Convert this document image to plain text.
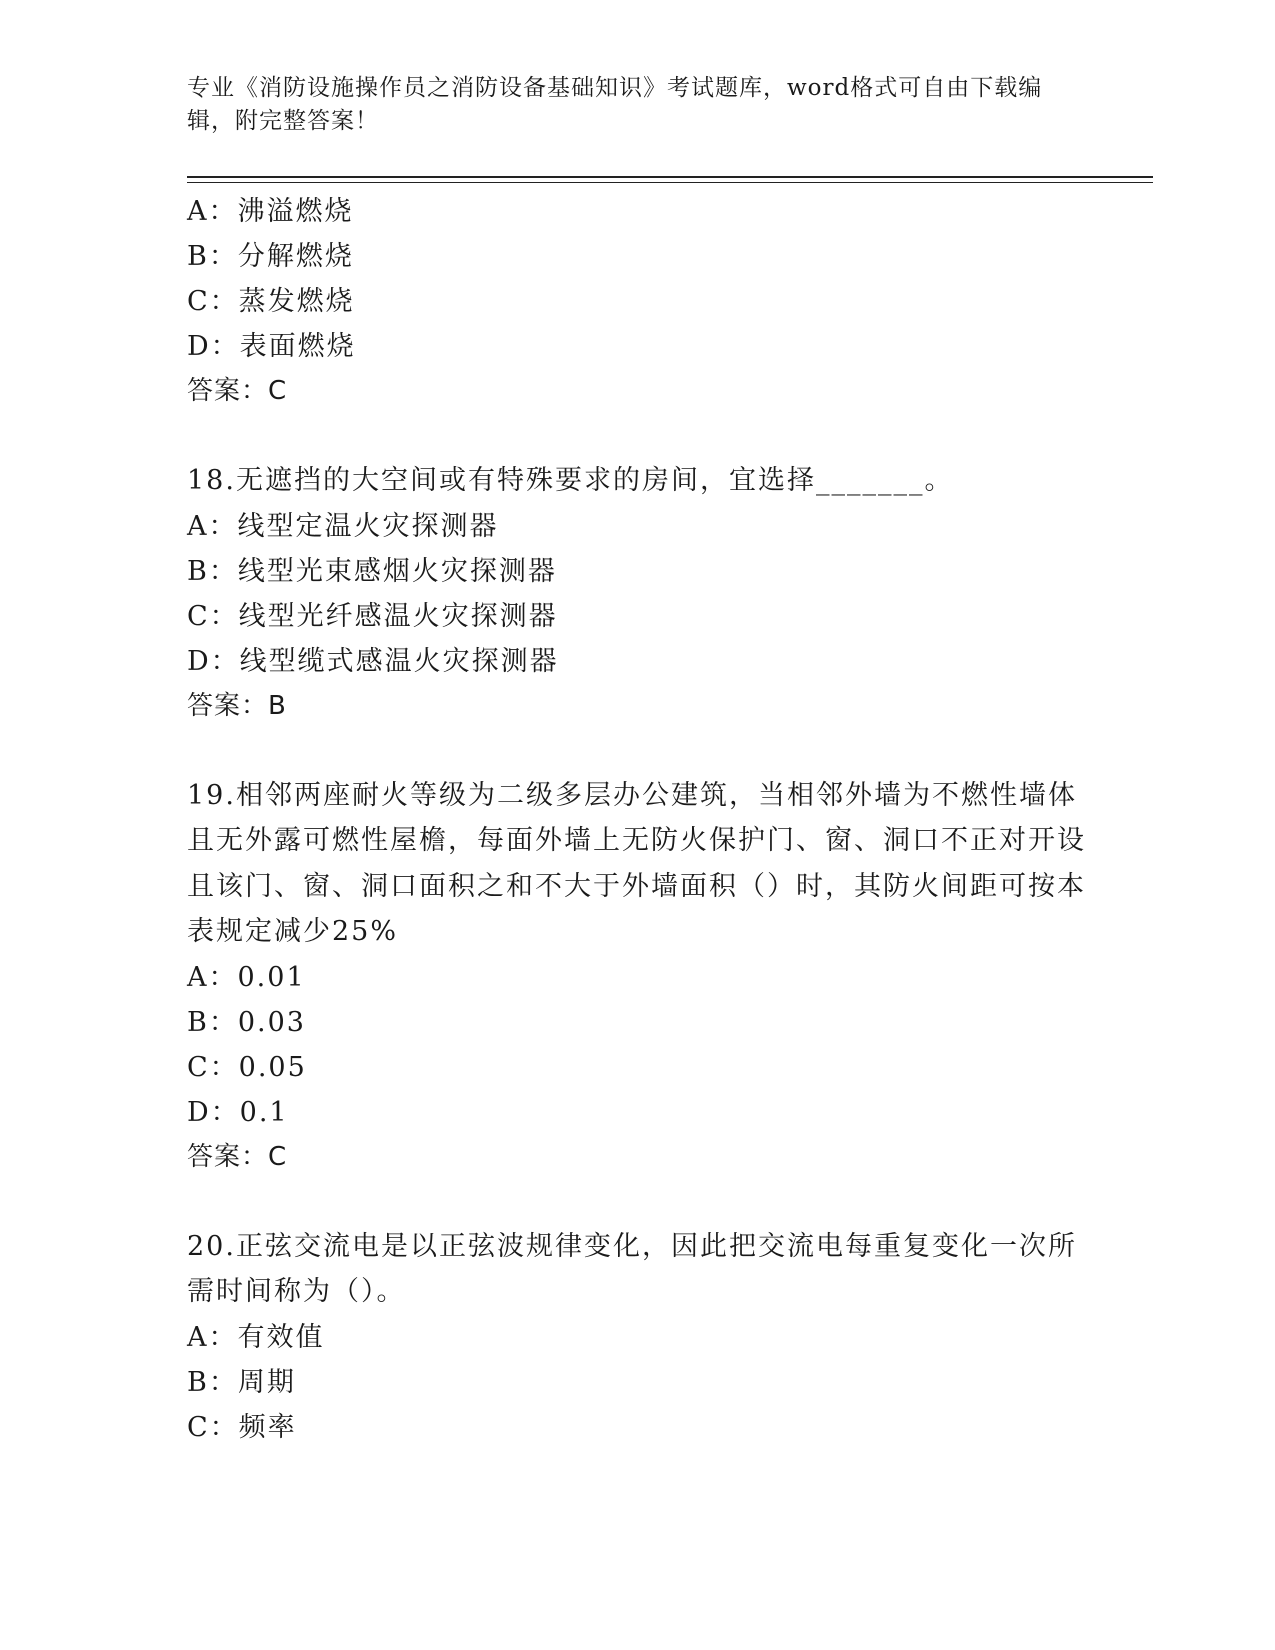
专业《消防设施操作员之消防设备基础知识》考试题库，word格式可自由下载编辑，附完整答案！
A：沸溢燃烧
B：分解燃烧
C：蒸发燃烧
D：表面燃烧
答案：C
18.无遮挡的大空间或有特殊要求的房间，宜选择_______。
A：线型定温火灾探测器
B：线型光束感烟火灾探测器
C：线型光纤感温火灾探测器
D：线型缆式感温火灾探测器
答案：B
19.相邻两座耐火等级为二级多层办公建筑，当相邻外墙为不燃性墙体且无外露可燃性屋檐，每面外墙上无防火保护门、窗、洞口不正对开设且该门、窗、洞口面积之和不大于外墙面积（）时，其防火间距可按本表规定减少25%
A：0.01
B：0.03
C：0.05
D：0.1
答案：C
20.正弦交流电是以正弦波规律变化，因此把交流电每重复变化一次所需时间称为（）。
A：有效值
B：周期
C：频率
